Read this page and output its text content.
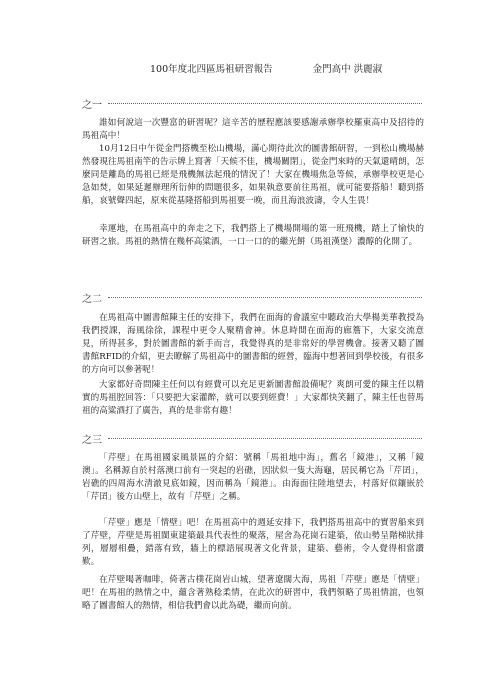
100年度北四區馬祖研習報告	金門高中 洪麗淑
之一

誰如何說這一次豐富的研習呢？這辛苦的歷程應該要感謝承辦學校羅東高中及招待的馬祖高中！

10月12日中午從金門搭機至松山機場，滿心期待此次的圖書館研習，一到松山機場赫然發現往馬祖南竿的告示牌上寫著「天候不佳，機場關閉」，從金門來時的天氣還晴朗，怎麼同是離島的馬祖已經是飛機無法起飛的情況了！大家在機場焦急等候，承辦學校更是心急如焚，如果延遲辦理所衍伸的問題很多，如果執意要前往馬祖，就可能要搭船！聽到搭船，哀號聲四起，原來從基隆搭船到馬祖要一晚，而且海浪波濤，令人生畏！

幸運地，在馬祖高中的奔走之下，我們搭上了機場開場的第一班飛機，踏上了愉快的研習之旅。馬祖的熱情在幾杯高粱酒，一口一口的的繼光餅（馬祖漢堡）濃醇的化開了。

之二

在馬祖高中圖書館陳主任的安排下，我們在面海的會議室中聽政治大學楊美華教授為我們授課，海風徐徐，課程中更令人聚精會神。休息時間在面海的廊簷下，大家交流意見，所得甚多，對於圖書館的新手而言，我覺得真的是非常好的學習機會。接著又聽了圖書館RFID的介紹，更去瞭解了馬祖高中的圖書館的經營，臨海中想著回到學校後，有很多的方向可以參著呢！

大家都好奇問陳主任何以有經費可以充足更新圖書館設備呢？爽朗可愛的陳主任以精實的馬祖腔回答：「只要把大家灌醉，就可以要到經費！」大家都快笑翻了，陳主任也替馬祖的高粱酒打了廣告，真的是非常有趣！

之三

「芹壁」在馬祖國家風景區的介紹：號稱「馬祖地中海」，舊名「鏡港」，又稱「鏡澳」。名稱源自於村落澳口前有一突起的岩礁，因狀似一隻大海龜，居民稱它為「芹囝」，岩礁的四周海水清澈見底如鏡，因而稱為「鏡港」。由海面往陸地望去，村落好似鑲嵌於「芹囝」後方山壁上，故有「芹壁」之稱。

「芹壁」應是「情壁」吧！在馬祖高中的週延安排下，我們搭馬祖高中的實習船來到了芹壁，芹壁是馬祖閩東建築最具代表性的聚落，屋舍為花崗石建築，依山勢呈階梯狀排列，層層相疊，錯落有致，牆上的標語展現著文化背景，建築、藝術，令人覺得相當讚歎。

在芹壁喝著咖啡，倚著古樸花崗岩山城，望著遼闊大海，馬祖「芹壁」應是「情壁」吧！在馬祖的熱情之中，蘊含著熟稔柔情，在此次的研習中，我們領略了馬祖情誼，也領略了圖書館人的熱情，相信我們會以此為礎，繼而向前。
